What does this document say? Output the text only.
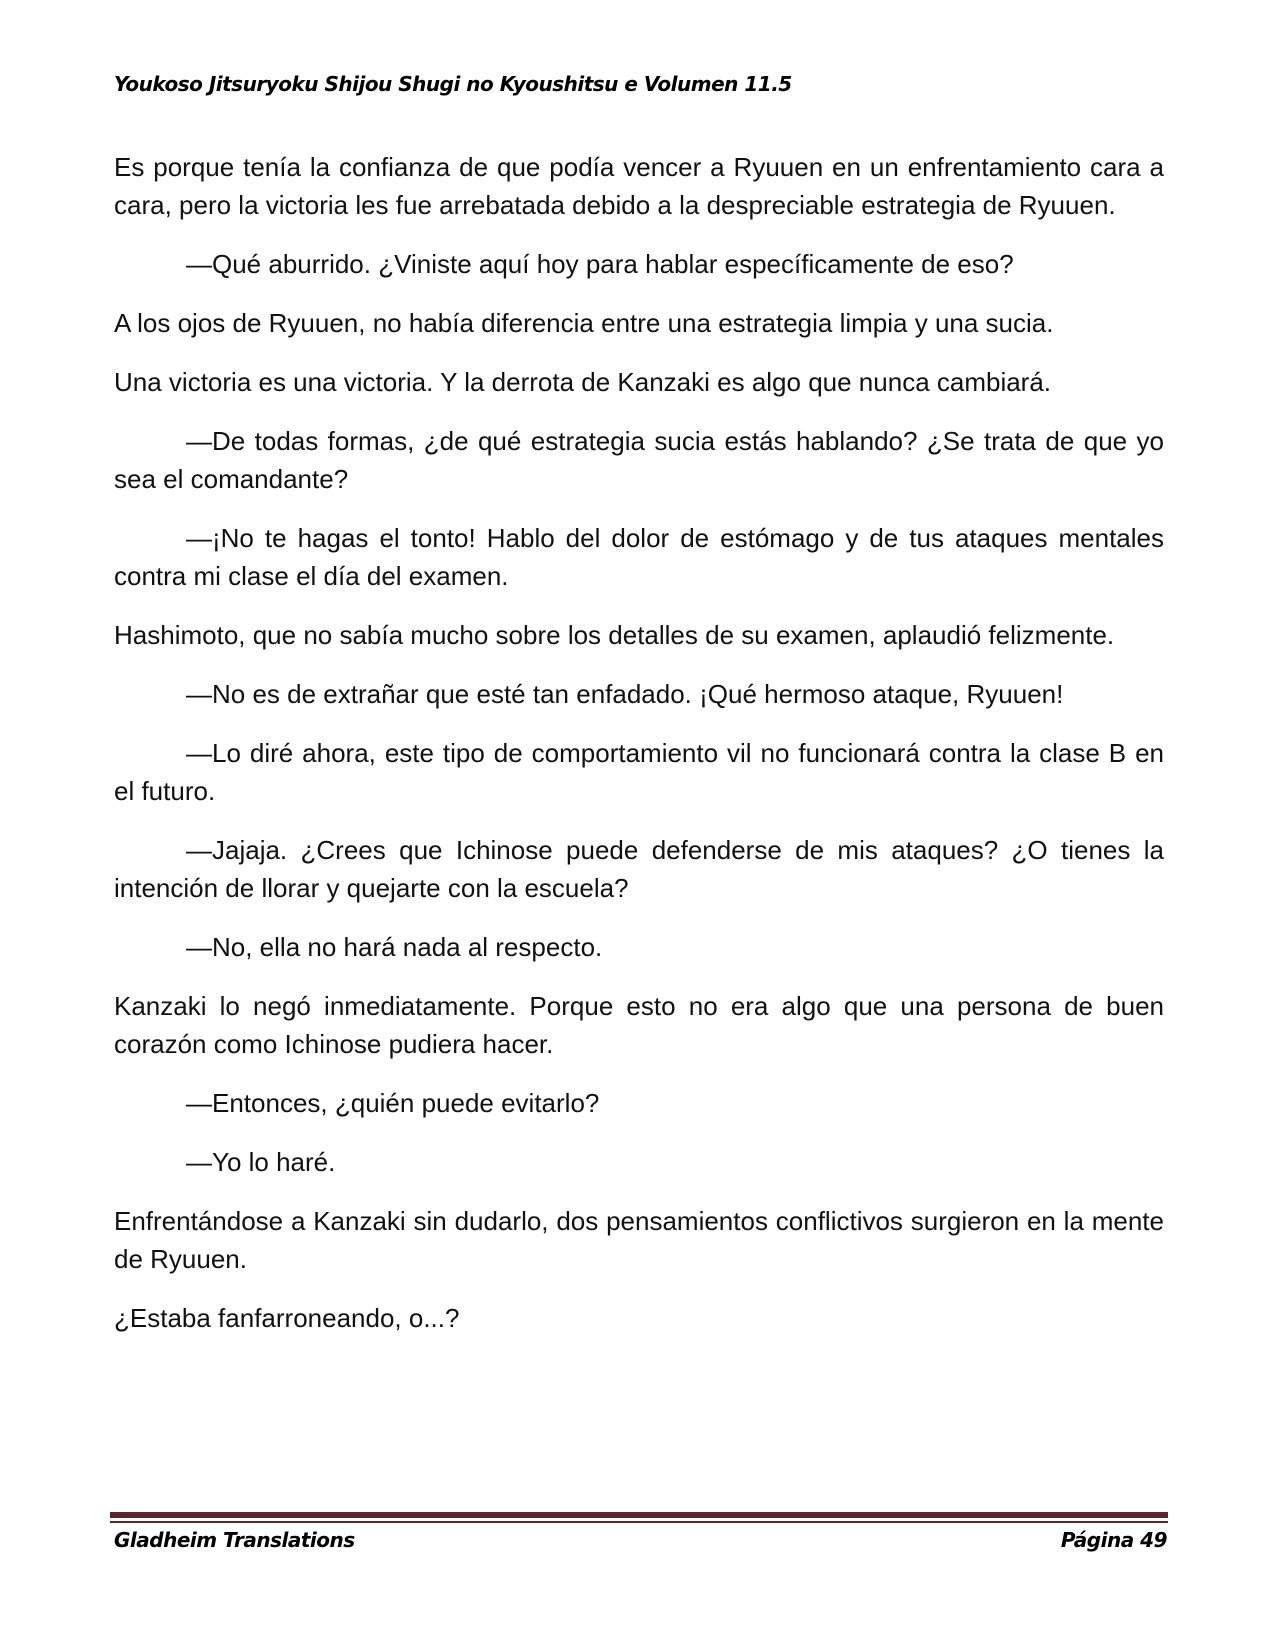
Youkoso Jitsuryoku Shijou Shugi no Kyoushitsu e Volumen 11.5

Es porque tenía la confianza de que podía vencer a Ryuuen en un enfrentamiento cara a cara, pero la victoria les fue arrebatada debido a la despreciable estrategia de Ryuuen.

—Qué aburrido. ¿Viniste aquí hoy para hablar específicamente de eso?

A los ojos de Ryuuen, no había diferencia entre una estrategia limpia y una sucia.

Una victoria es una victoria. Y la derrota de Kanzaki es algo que nunca cambiará.

—De todas formas, ¿de qué estrategia sucia estás hablando? ¿Se trata de que yo sea el comandante?

—¡No te hagas el tonto! Hablo del dolor de estómago y de tus ataques mentales contra mi clase el día del examen.

Hashimoto, que no sabía mucho sobre los detalles de su examen, aplaudió felizmente.

—No es de extrañar que esté tan enfadado. ¡Qué hermoso ataque, Ryuuen!

—Lo diré ahora, este tipo de comportamiento vil no funcionará contra la clase B en el futuro.

—Jajaja. ¿Crees que Ichinose puede defenderse de mis ataques? ¿O tienes la intención de llorar y quejarte con la escuela?

—No, ella no hará nada al respecto.

Kanzaki lo negó inmediatamente. Porque esto no era algo que una persona de buen corazón como Ichinose pudiera hacer.

—Entonces, ¿quién puede evitarlo?

—Yo lo haré.

Enfrentándose a Kanzaki sin dudarlo, dos pensamientos conflictivos surgieron en la mente de Ryuuen.

¿Estaba fanfarroneando, o...?

Gladheim Translations	Página 49
